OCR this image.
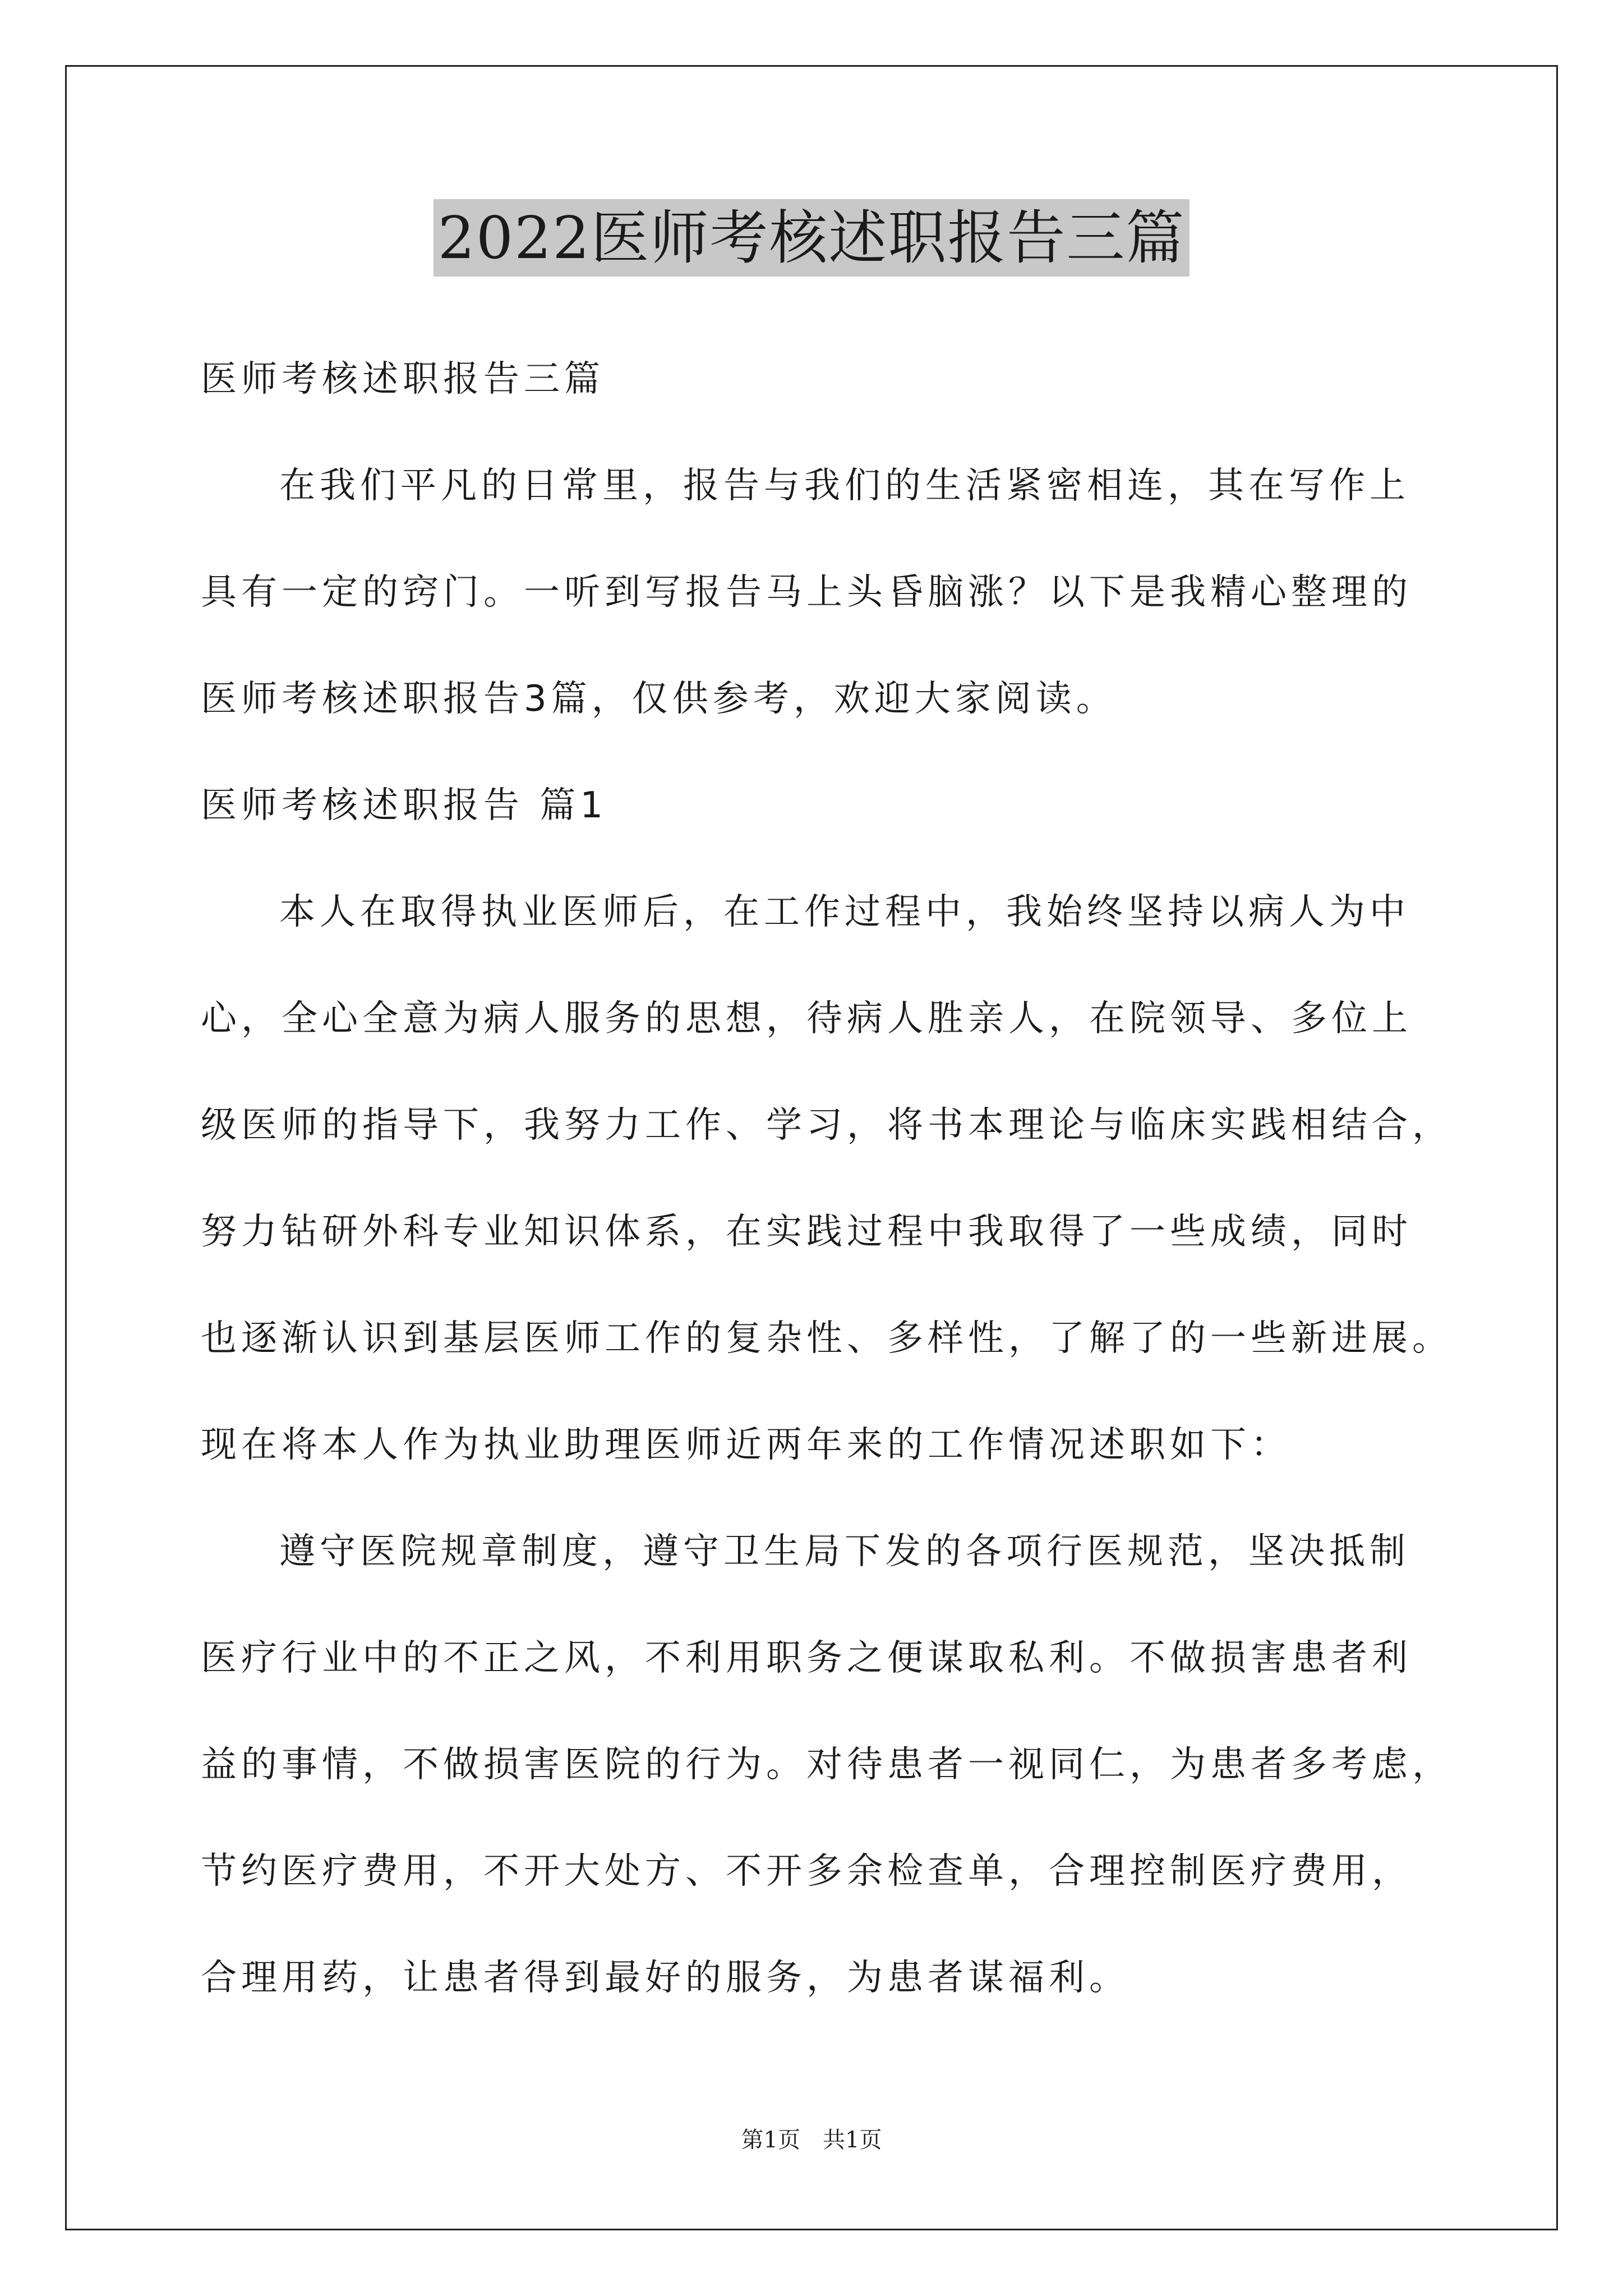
2022医师考核述职报告三篇
医师考核述职报告三篇
在我们平凡的日常里，报告与我们的生活紧密相连，其在写作上
具有一定的窍门。一听到写报告马上头昏脑涨？以下是我精心整理的
医师考核述职报告3篇，仅供参考，欢迎大家阅读。
医师考核述职报告 篇1
本人在取得执业医师后，在工作过程中，我始终坚持以病人为中
心，全心全意为病人服务的思想，待病人胜亲人，在院领导、多位上
级医师的指导下，我努力工作、学习，将书本理论与临床实践相结合，
努力钻研外科专业知识体系，在实践过程中我取得了一些成绩，同时
也逐渐认识到基层医师工作的复杂性、多样性，了解了的一些新进展。
现在将本人作为执业助理医师近两年来的工作情况述职如下：
遵守医院规章制度，遵守卫生局下发的各项行医规范，坚决抵制
医疗行业中的不正之风，不利用职务之便谋取私利。不做损害患者利
益的事情，不做损害医院的行为。对待患者一视同仁，为患者多考虑，
节约医疗费用，不开大处方、不开多余检查单，合理控制医疗费用，
合理用药，让患者得到最好的服务，为患者谋福利。
第1页 共1页
